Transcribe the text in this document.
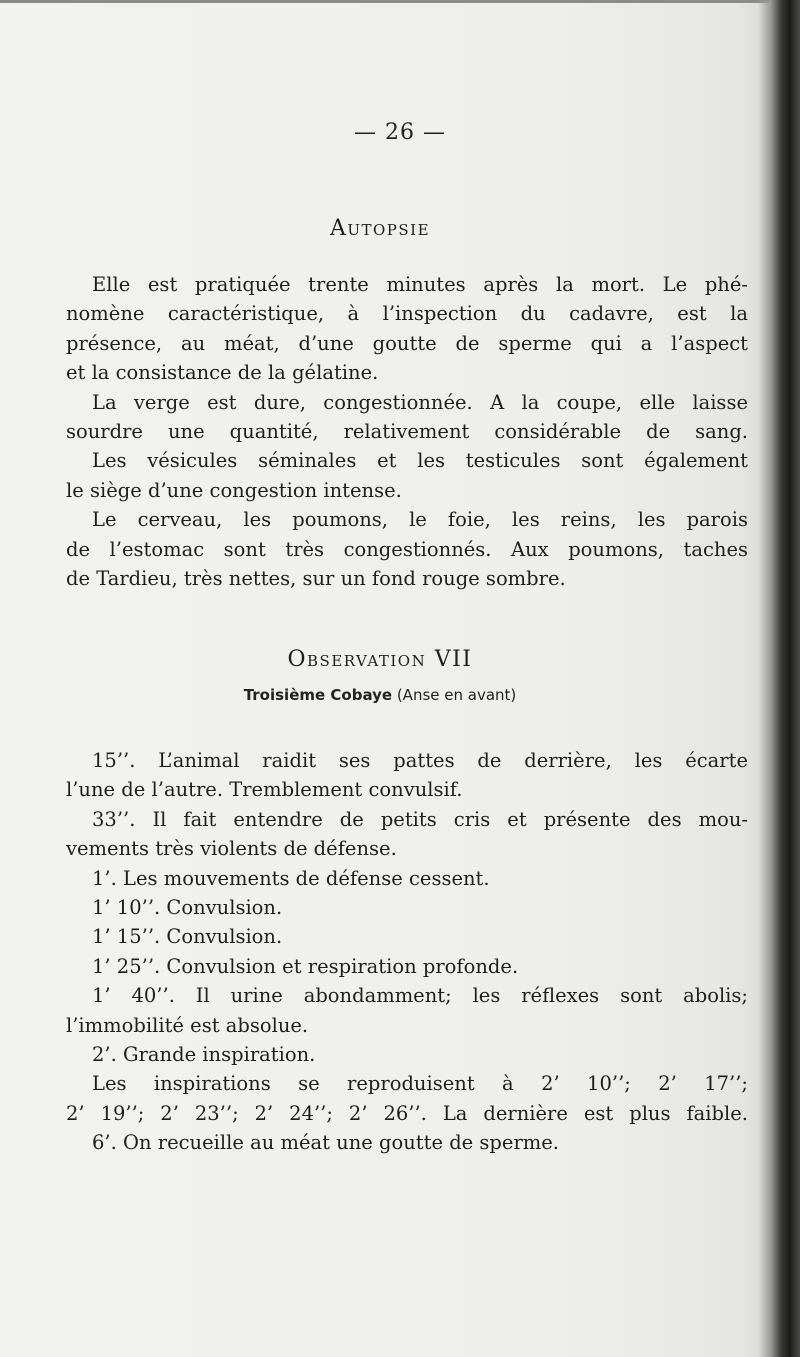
— 26 —
Autopsie

Elle est pratiquée trente minutes après la mort. Le phé-

nomène caractéristique, à l’inspection du cadavre, est la

présence, au méat, d’une goutte de sperme qui a l’aspect

et la consistance de la gélatine.

La verge est dure, congestionnée. A la coupe, elle laisse

sourdre une quantité, relativement considérable de sang.

Les vésicules séminales et les testicules sont également

le siège d’une congestion intense.

Le cerveau, les poumons, le foie, les reins, les parois

de l’estomac sont très congestionnés. Aux poumons, taches

de Tardieu, très nettes, sur un fond rouge sombre.

Observation VII
Troisième Cobaye (Anse en avant)

15’’. L’animal raidit ses pattes de derrière, les écarte

l’une de l’autre. Tremblement convulsif.

33’’. Il fait entendre de petits cris et présente des mou-

vements très violents de défense.

1’. Les mouvements de défense cessent.

1’ 10’’. Convulsion.

1’ 15’’. Convulsion.

1’ 25’’. Convulsion et respiration profonde.

1’ 40’’. Il urine abondamment; les réflexes sont abolis;

l’immobilité est absolue.

2’. Grande inspiration.

Les inspirations se reproduisent à 2’ 10’’; 2’ 17’’;

2’ 19’’; 2’ 23’’; 2’ 24’’; 2’ 26’’. La dernière est plus faible.

6’. On recueille au méat une goutte de sperme.
